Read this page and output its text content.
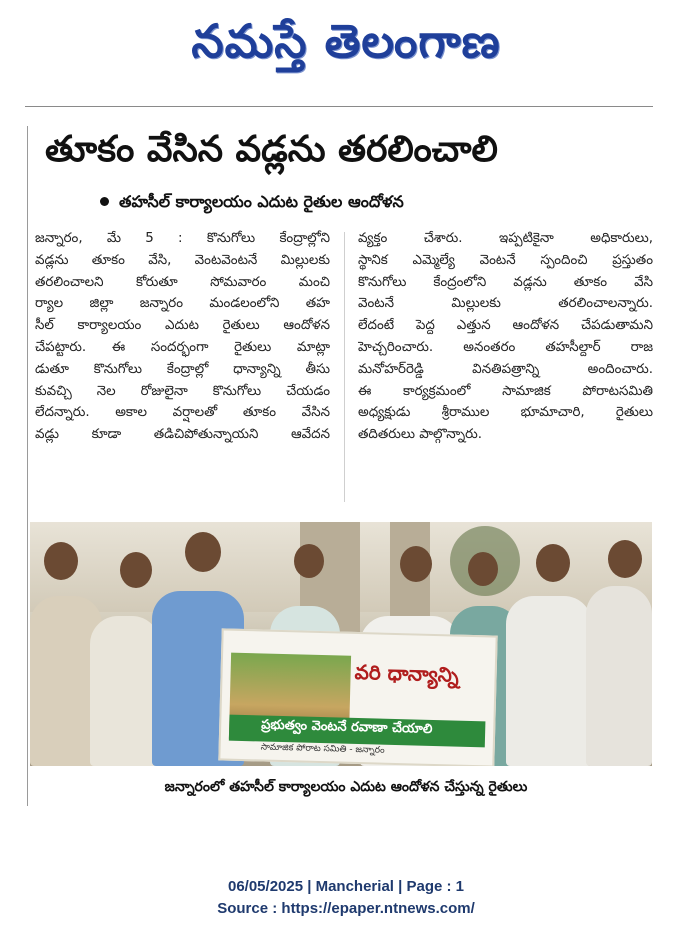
నమస్తే తెలంగాణ
తూకం వేసిన వడ్లను తరలించాలి
తహసీల్ కార్యాలయం ఎదుట రైతుల ఆందోళన
జన్నారం, మే 5 : కొనుగోలు కేంద్రాల్లోని
వడ్లను తూకం వేసి, వెంటవెంటనే మిల్లులకు
తరలించాలని కోరుతూ సోమవారం మంచి
ర్యాల జిల్లా జన్నారం మండలంలోని తహ
సీల్ కార్యాలయం ఎదుట రైతులు ఆందోళన
చేపట్టారు. ఈ సందర్భంగా రైతులు మాట్లా
డుతూ కొనుగోలు కేంద్రాల్లో ధాన్యాన్ని తీసు
కువచ్చి నెల రోజులైనా కొనుగోలు చేయడం
లేదన్నారు. అకాల వర్షాలతో తూకం వేసిన
వడ్లు కూడా తడిచిపోతున్నాయని ఆవేదన
వ్యక్తం చేశారు. ఇప్పటికైనా అధికారులు,
స్థానిక ఎమ్మెల్యే వెంటనే స్పందించి ప్రస్తుతం
కొనుగోలు కేంద్రంలోని వడ్లను తూకం వేసి
వెంటనే మిల్లులకు తరలించాలన్నారు.
లేదంటే పెద్ద ఎత్తున ఆందోళన చేపడుతామని
హెచ్చరించారు. అనంతరం తహసీల్దార్ రాజ
మనోహర్‌రెడ్డి వినతిపత్రాన్ని అందించారు.
ఈ కార్యక్రమంలో సామాజిక పోరాటసమితి
అధ్యక్షుడు శ్రీరాముల భూమాచారి, రైతులు
తదితరులు పాల్గొన్నారు.
వరి ధాన్యాన్ని
ప్రభుత్వం వెంటనే రవాణా చేయాలి
సామాజిక పోరాట సమితి - జన్నారం
జన్నారంలో తహసీల్ కార్యాలయం ఎదుట ఆందోళన చేస్తున్న రైతులు
06/05/2025 | Mancherial | Page : 1
Source : https://epaper.ntnews.com/
